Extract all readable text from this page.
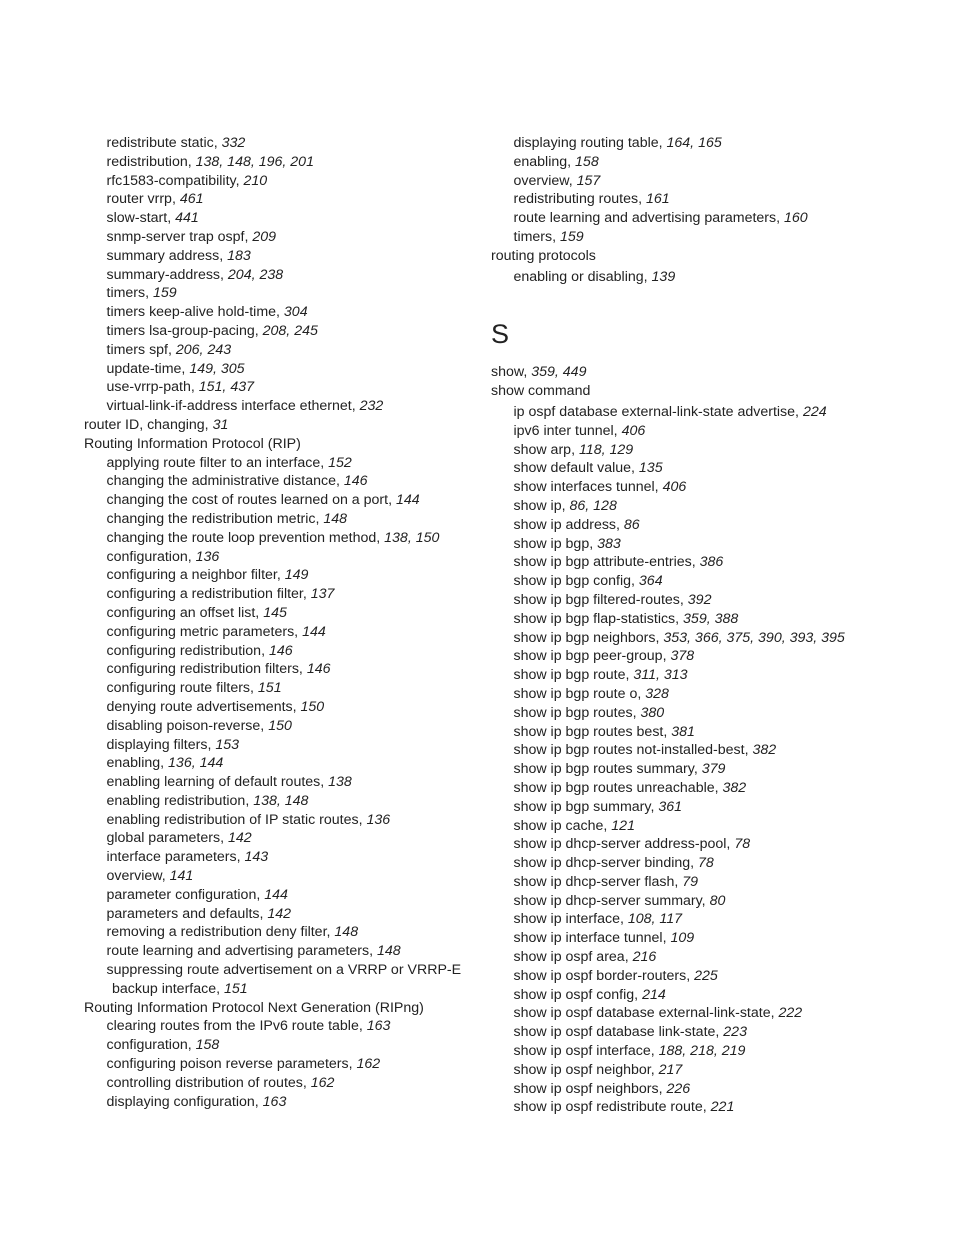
redistribute static, 332

redistribution, 138, 148, 196, 201

rfc1583-compatibility, 210

router vrrp, 461

slow-start, 441

snmp-server trap ospf, 209

summary address, 183

summary-address, 204, 238

timers, 159

timers keep-alive hold-time, 304

timers lsa-group-pacing, 208, 245

timers spf, 206, 243

update-time, 149, 305

use-vrrp-path, 151, 437

virtual-link-if-address interface ethernet, 232

router ID, changing, 31

Routing Information Protocol (RIP)

applying route filter to an interface, 152

changing the administrative distance, 146

changing the cost of routes learned on a port, 144

changing the redistribution metric, 148

changing the route loop prevention method, 138, 150

configuration, 136

configuring a neighbor filter, 149

configuring a redistribution filter, 137

configuring an offset list, 145

configuring metric parameters, 144

configuring redistribution, 146

configuring redistribution filters, 146

configuring route filters, 151

denying route advertisements, 150

disabling poison-reverse, 150

displaying filters, 153

enabling, 136, 144

enabling learning of default routes, 138

enabling redistribution, 138, 148

enabling redistribution of IP static routes, 136

global parameters, 142

interface parameters, 143

overview, 141

parameter configuration, 144

parameters and defaults, 142

removing a redistribution deny filter, 148

route learning and advertising parameters, 148

suppressing route advertisement on a VRRP or VRRP-E

backup interface, 151

Routing Information Protocol Next Generation (RIPng)

clearing routes from the IPv6 route table, 163

configuration, 158

configuring poison reverse parameters, 162

controlling distribution of routes, 162

displaying configuration, 163

displaying routing table, 164, 165

enabling, 158

overview, 157

redistributing routes, 161

route learning and advertising parameters, 160

timers, 159

routing protocols

enabling or disabling, 139

S

show, 359, 449

show command

ip ospf database external-link-state advertise, 224

ipv6 inter tunnel, 406

show arp, 118, 129

show default value, 135

show interfaces tunnel, 406

show ip, 86, 128

show ip address, 86

show ip bgp, 383

show ip bgp attribute-entries, 386

show ip bgp config, 364

show ip bgp filtered-routes, 392

show ip bgp flap-statistics, 359, 388

show ip bgp neighbors, 353, 366, 375, 390, 393, 395

show ip bgp peer-group, 378

show ip bgp route, 311, 313

show ip bgp route o, 328

show ip bgp routes, 380

show ip bgp routes best, 381

show ip bgp routes not-installed-best, 382

show ip bgp routes summary, 379

show ip bgp routes unreachable, 382

show ip bgp summary, 361

show ip cache, 121

show ip dhcp-server address-pool, 78

show ip dhcp-server binding, 78

show ip dhcp-server flash, 79

show ip dhcp-server summary, 80

show ip interface, 108, 117

show ip interface tunnel, 109

show ip ospf area, 216

show ip ospf border-routers, 225

show ip ospf config, 214

show ip ospf database external-link-state, 222

show ip ospf database link-state, 223

show ip ospf interface, 188, 218, 219

show ip ospf neighbor, 217

show ip ospf neighbors, 226

show ip ospf redistribute route, 221
